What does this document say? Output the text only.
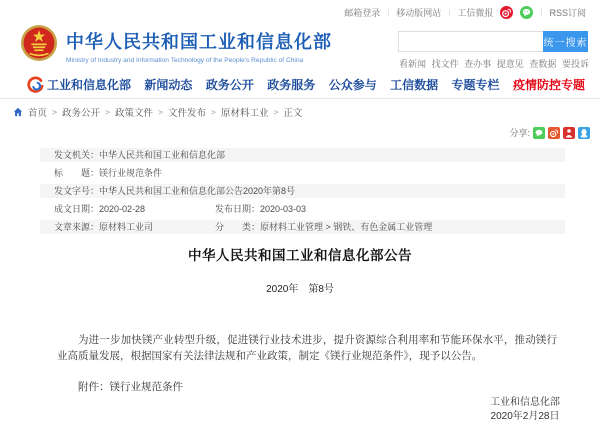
邮箱登录 | 移动版网站 | 工信微报	| RSS订阅
中华人民共和国工业和信息化部
Ministry of Industry and Information Technology of the People's Republic of China
统一搜索
看新闻 找文件 查办事 提意见 查数据 要投诉
工业和信息化部 新闻动态 政务公开 政务服务 公众参与 工信数据 专题专栏 疫情防控专题
首页 > 政务公开 > 政策文件 > 文件发布 > 原材料工业 > 正文
分享:
发文机关： 中华人民共和国工业和信息化部
标　　题： 镁行业规范条件
发文字号： 中华人民共和国工业和信息化部公告2020年第8号
成文日期：2020-02-28	发布日期：2020-03-03
文章来源：原材料工业司	分　　类：原材料工业管理 > 钢铁、有色金属工业管理
中华人民共和国工业和信息化部公告
2020年　第8号
为进一步加快镁产业转型升级，促进镁行业技术进步，提升资源综合利用率和节能环保水平，推动镁行业高质量发展，根据国家有关法律法规和产业政策，制定《镁行业规范条件》，现予以公告。
附件：镁行业规范条件
工业和信息化部
2020年2月28日
